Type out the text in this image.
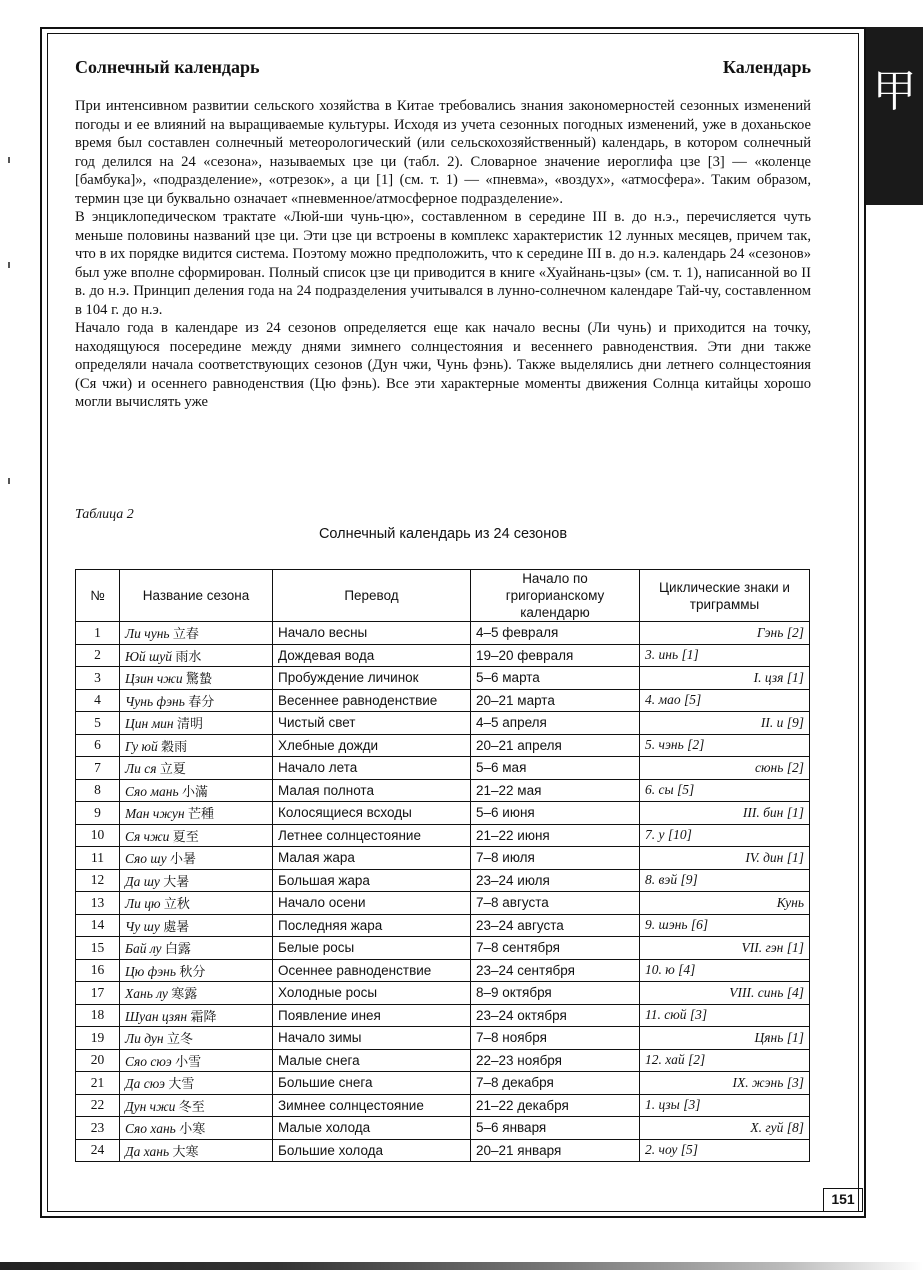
甲
Солнечный календарь	Календарь

При интенсивном развитии сельского хозяйства в Китае требовались знания закономерностей сезонных изменений погоды и ее влияний на выращиваемые культуры. Исходя из учета сезонных погодных изменений, уже в доханьское время был составлен солнечный метеорологический (или сельскохозяйственный) календарь, в котором солнечный год делился на 24 «сезона», называемых цзе ци (табл. 2). Словарное значение иероглифа цзе [3] — «коленце [бамбука]», «подразделение», «отрезок», а ци [1] (см. т. 1) — «пневма», «воздух», «атмосфера». Таким образом, термин цзе ци буквально означает «пневменное/атмосферное подразделение».

В энциклопедическом трактате «Люй-ши чунь-цю», составленном в середине III в. до н.э., перечисляется чуть меньше половины названий цзе ци. Эти цзе ци встроены в комплекс характеристик 12 лунных месяцев, причем так, что в их порядке видится система. Поэтому можно предположить, что к середине III в. до н.э. календарь 24 «сезонов» был уже вполне сформирован. Полный список цзе ци приводится в книге «Хуайнань-цзы» (см. т. 1), написанной во II в. до н.э. Принцип деления года на 24 подразделения учитывался в лунно-солнечном календаре Тай-чу, составленном в 104 г. до н.э.

Начало года в календаре из 24 сезонов определяется еще как начало весны (Ли чунь) и приходится на точку, находящуюся посередине между днями зимнего солнцестояния и весеннего равноденствия. Эти дни также определяли начала соответствующих сезонов (Дун чжи, Чунь фэнь). Также выделялись дни летнего солнцестояния (Ся чжи) и осеннего равноденствия (Цю фэнь). Все эти характерные моменты движения Солнца китайцы хорошо могли вычислять уже

Таблица 2
Солнечный календарь из 24 сезонов
№	Название сезона	Перевод	Начало по григориaнскому календарю	Циклические знаки и триграммы
1	Ли чунь 立春	Начало весны	4–5 февраля	Гэнь [2]
2	Юй шуй 雨水	Дождевая вода	19–20 февраля	3. инь [1]
3	Цзин чжи 驚蟄	Пробуждение личинок	5–6 марта	I. цзя [1]
4	Чунь фэнь 春分	Весеннее равноденствие	20–21 марта	4. мао [5]
5	Цин мин 清明	Чистый свет	4–5 апреля	II. и [9]
6	Гу юй 穀雨	Хлебные дожди	20–21 апреля	5. чэнь [2]
7	Ли ся 立夏	Начало лета	5–6 мая	сюнь [2]
8	Сяо мань 小滿	Малая полнота	21–22 мая	6. сы [5]
9	Ман чжун 芒種	Колосящиеся всходы	5–6 июня	III. бин [1]
10	Ся чжи 夏至	Летнее солнцестояние	21–22 июня	7. у [10]
11	Сяо шу 小暑	Малая жара	7–8 июля	IV. дин [1]
12	Да шу 大暑	Большая жара	23–24 июля	8. вэй [9]
13	Ли цю 立秋	Начало осени	7–8 августа	Кунь
14	Чу шу 處暑	Последняя жара	23–24 августа	9. шэнь [6]
15	Бай лу 白露	Белые росы	7–8 сентября	VII. гэн [1]
16	Цю фэнь 秋分	Осеннее равноденствие	23–24 сентября	10. ю [4]
17	Хань лу 寒露	Холодные росы	8–9 октября	VIII. синь [4]
18	Шуан цзян 霜降	Появление инея	23–24 октября	11. сюй [3]
19	Ли дун 立冬	Начало зимы	7–8 ноября	Цянь [1]
20	Сяо сюэ 小雪	Малые снега	22–23 ноября	12. хай [2]
21	Да сюэ 大雪	Большие снега	7–8 декабря	IX. жэнь [3]
22	Дун чжи 冬至	Зимнее солнцестояние	21–22 декабря	1. цзы [3]
23	Сяо хань 小寒	Малые холода	5–6 января	X. гуй [8]
24	Да хань 大寒	Большие холода	20–21 января	2. чоу [5]
151
